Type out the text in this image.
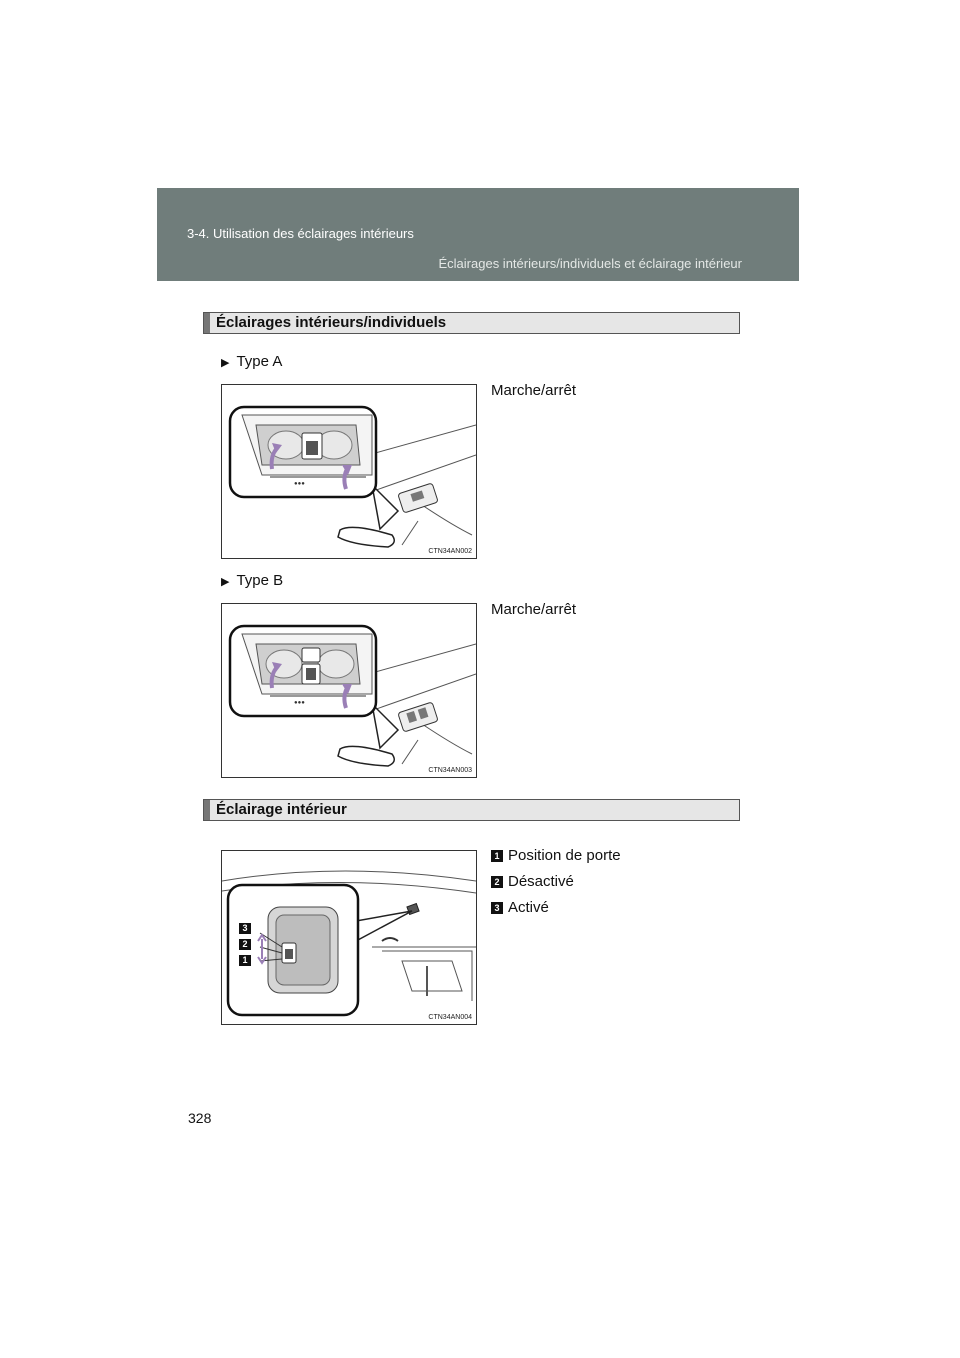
3-4. Utilisation des éclairages intérieurs
Éclairages intérieurs/individuels et éclairage intérieur
Éclairages intérieurs/individuels
▶ Type A
Marche/arrêt
●●●
CTN34AN002
▶ Type B
Marche/arrêt
●●●
CTN34AN003
Éclairage intérieur
3
2
1
CTN34AN004
1 Position de porte
2 Désactivé
3 Activé
328
